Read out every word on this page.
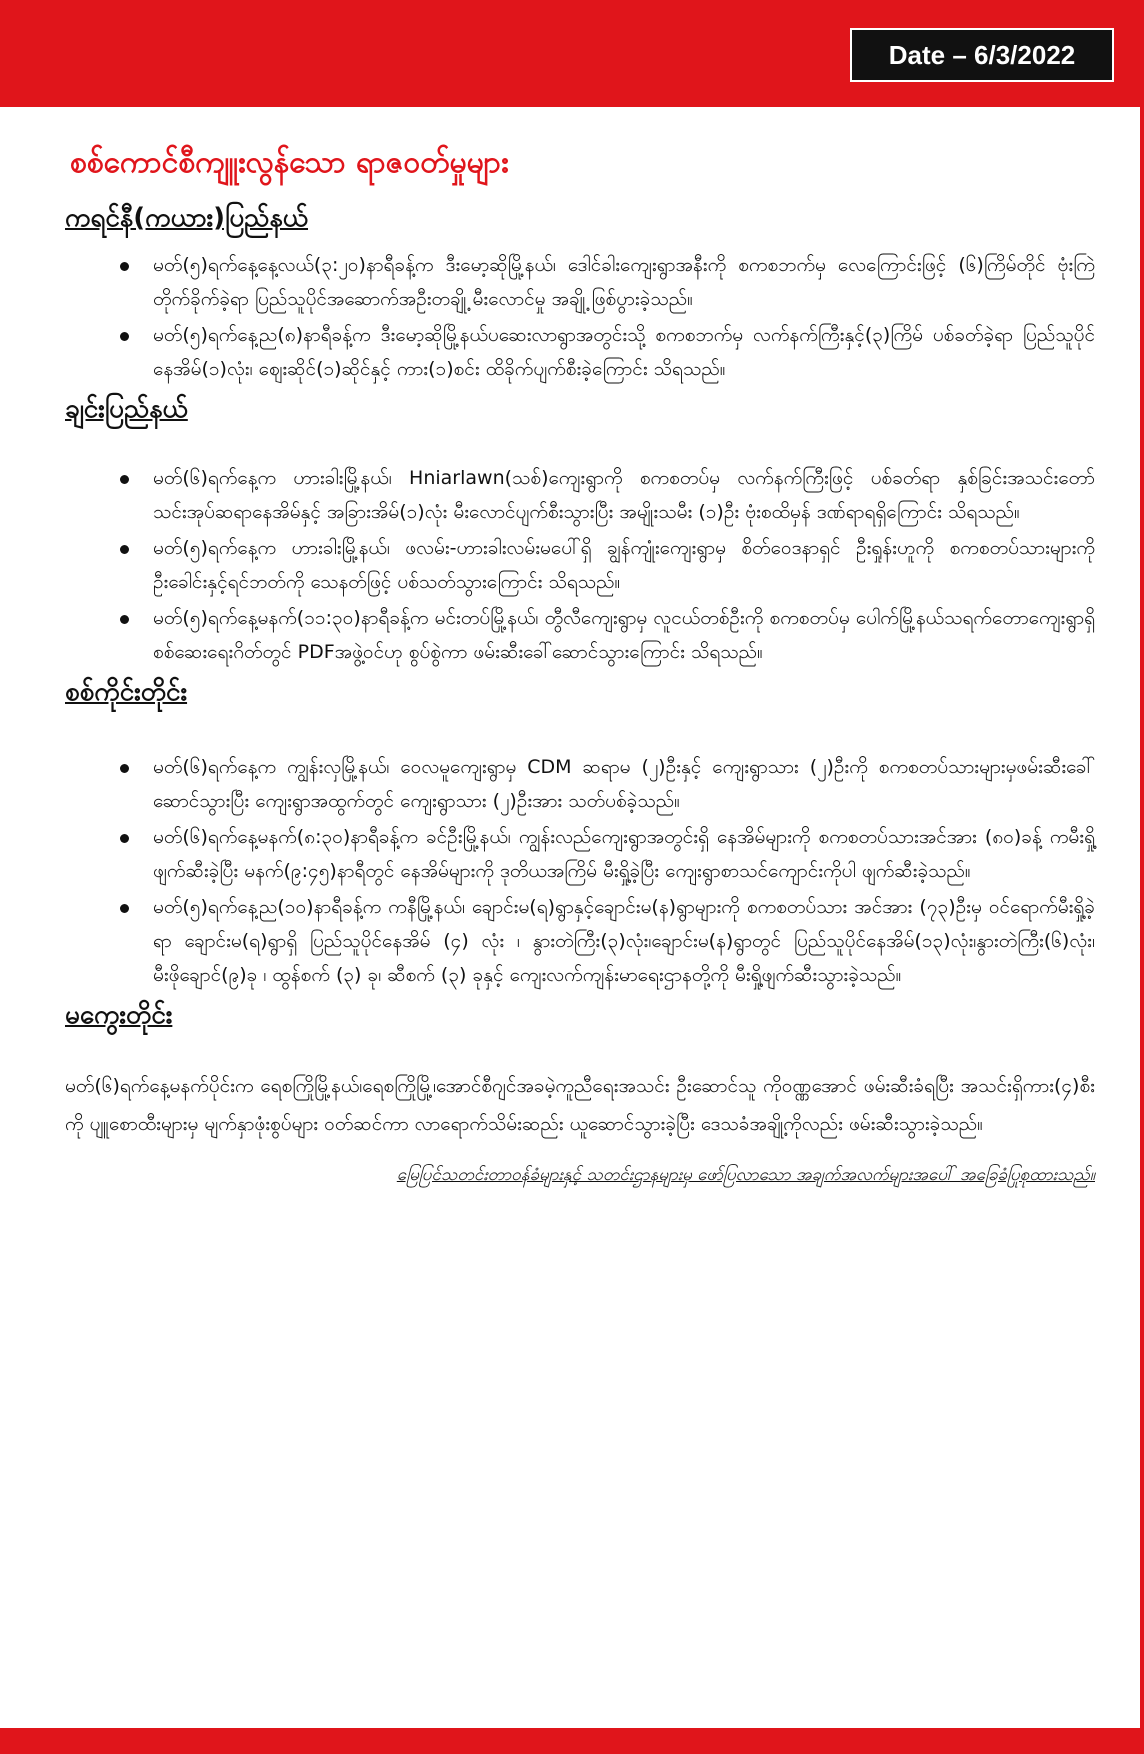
Date – 6/3/2022
စစ်ကောင်စီကျူးလွန်သော ရာဇဝတ်မှုများ
ကရင်နီ(ကယား)ပြည်နယ်
မတ်(၅)ရက်နေ့နေ့လယ်(၃:၂၀)နာရီခန့်က ဒီးမော့ဆိုမြို့နယ်၊ ဒေါင်ခါးကျေးရွာအနီးကို စကစဘက်မှ လေကြောင်းဖြင့် (၆)ကြိမ်တိုင် ဗုံးကြဲတိုက်ခိုက်ခဲ့ရာ ပြည်သူပိုင်အဆောက်အဦးတချို့ မီးလောင်မှု အချို့ ဖြစ်ပွားခဲ့သည်။
မတ်(၅)ရက်နေ့ည(၈)နာရီခန့်က ဒီးမော့ဆိုမြို့နယ်ပဆေးလာရွာအတွင်းသို့ စကစဘက်မှ လက်နက်ကြီးနှင့်(၃)ကြိမ် ပစ်ခတ်ခဲ့ရာ ပြည်သူပိုင်နေအိမ်(၁)လုံး၊ ဈေးဆိုင်(၁)ဆိုင်နှင့် ကား(၁)စင်း ထိခိုက်ပျက်စီးခဲ့ကြောင်း သိရသည်။
ချင်းပြည်နယ်
မတ်(၆)ရက်နေ့က ဟားခါးမြို့နယ်၊ Hniarlawn(သစ်)ကျေးရွာကို စကစတပ်မှ လက်နက်ကြီးဖြင့် ပစ်ခတ်ရာ နှစ်ခြင်းအသင်းတော် သင်းအုပ်ဆရာနေအိမ်နှင့် အခြားအိမ်(၁)လုံး မီးလောင်ပျက်စီးသွားပြီး အမျိုးသမီး (၁)ဦး ဗုံးစထိမှန် ဒဏ်ရာရရှိကြောင်း သိရသည်။
မတ်(၅)ရက်နေ့က ဟားခါးမြို့နယ်၊ ဖလမ်း-ဟားခါးလမ်းမပေါ်ရှိ ချွန်ကျုံးကျေးရွာမှ စိတ်ဝေဒနာရှင် ဦးရှုန်းဟူကို စကစတပ်သားများကို ဦးခေါင်းနှင့်ရင်ဘတ်ကို သေနတ်ဖြင့် ပစ်သတ်သွားကြောင်း သိရသည်။
မတ်(၅)ရက်နေ့မနက်(၁၁:၃၀)နာရီခန့်က မင်းတပ်မြို့နယ်၊ တွီလီကျေးရွာမှ လူငယ်တစ်ဦးကို စကစတပ်မှ ပေါက်မြို့နယ်သရက်တောကျေးရွာရှိ စစ်ဆေးရေးဂိတ်တွင် PDFအဖွဲ့ဝင်ဟု စွပ်စွဲကာ ဖမ်းဆီးခေါ်ဆောင်သွားကြောင်း သိရသည်။
စစ်ကိုင်းတိုင်း
မတ်(၆)ရက်နေ့က ကျွန်းလှမြို့နယ်၊ ဝေလမူကျေးရွာမှ CDM ဆရာမ (၂)ဦးနှင့် ကျေးရွာသား (၂)ဦးကို စကစတပ်သားများမှဖမ်းဆီးခေါ်ဆောင်သွားပြီး ကျေးရွာအထွက်တွင် ကျေးရွာသား (၂)ဦးအား သတ်ပစ်ခဲ့သည်။
မတ်(၆)ရက်နေ့မနက်(၈:၃၀)နာရီခန့်က ခင်ဦးမြို့နယ်၊ ကျွန်းလည်ကျေးရွာအတွင်းရှိ နေအိမ်များကို စကစတပ်သားအင်အား (၈၀)ခန့် ကမီးရှို့ဖျက်ဆီးခဲ့ပြီး မနက်(၉:၄၅)နာရီတွင် နေအိမ်များကို ဒုတိယအကြိမ် မီးရှို့ခဲ့ပြီး ကျေးရွာစာသင်ကျောင်းကိုပါ ဖျက်ဆီးခဲ့သည်။
မတ်(၅)ရက်နေ့ည(၁၀)နာရီခန့်က ကနီမြို့နယ်၊ ချောင်းမ(ရ)ရွာနှင့်ချောင်းမ(န)ရွာများကို စကစတပ်သား အင်အား (၇၃)ဦးမှ ဝင်ရောက်မီးရှို့ခဲ့ရာ ချောင်းမ(ရ)ရွာရှိ ပြည်သူပိုင်နေအိမ် (၄) လုံး ၊ နွားတဲကြီး(၃)လုံး၊ချောင်းမ(န)ရွာတွင် ပြည်သူပိုင်နေအိမ်(၁၃)လုံး၊နွားတဲကြီး(၆)လုံး၊မီးဖိုချောင်(၉)ခု ၊ ထွန်စက် (၃) ခု၊ ဆီစက် (၃) ခုနှင့် ကျေးလက်ကျန်းမာရေးဌာနတို့ကို မီးရှို့ဖျက်ဆီးသွားခဲ့သည်။
မကွေးတိုင်း

မတ်(၆)ရက်နေ့မနက်ပိုင်းက ရေစကြိုမြို့နယ်၊ရေစကြိုမြို့၊အောင်စီဂျင်အခမဲ့ကူညီရေးအသင်း ဦးဆောင်သူ ကိုဝဏ္ဏအောင် ဖမ်းဆီးခံရပြီး အသင်းရှိကား(၄)စီးကို ပျူစောထီးများမှ မျက်နှာဖုံးစွပ်များ ဝတ်ဆင်ကာ လာရောက်သိမ်းဆည်း ယူဆောင်သွားခဲ့ပြီး ဒေသခံအချို့ကိုလည်း ဖမ်းဆီးသွားခဲ့သည်။

မြေပြင်သတင်းတာဝန်ခံများနှင့် သတင်းဌာနများမှ ဖော်ပြလာသော အချက်အလက်များအပေါ် အခြေခံပြုစုထားသည်။
